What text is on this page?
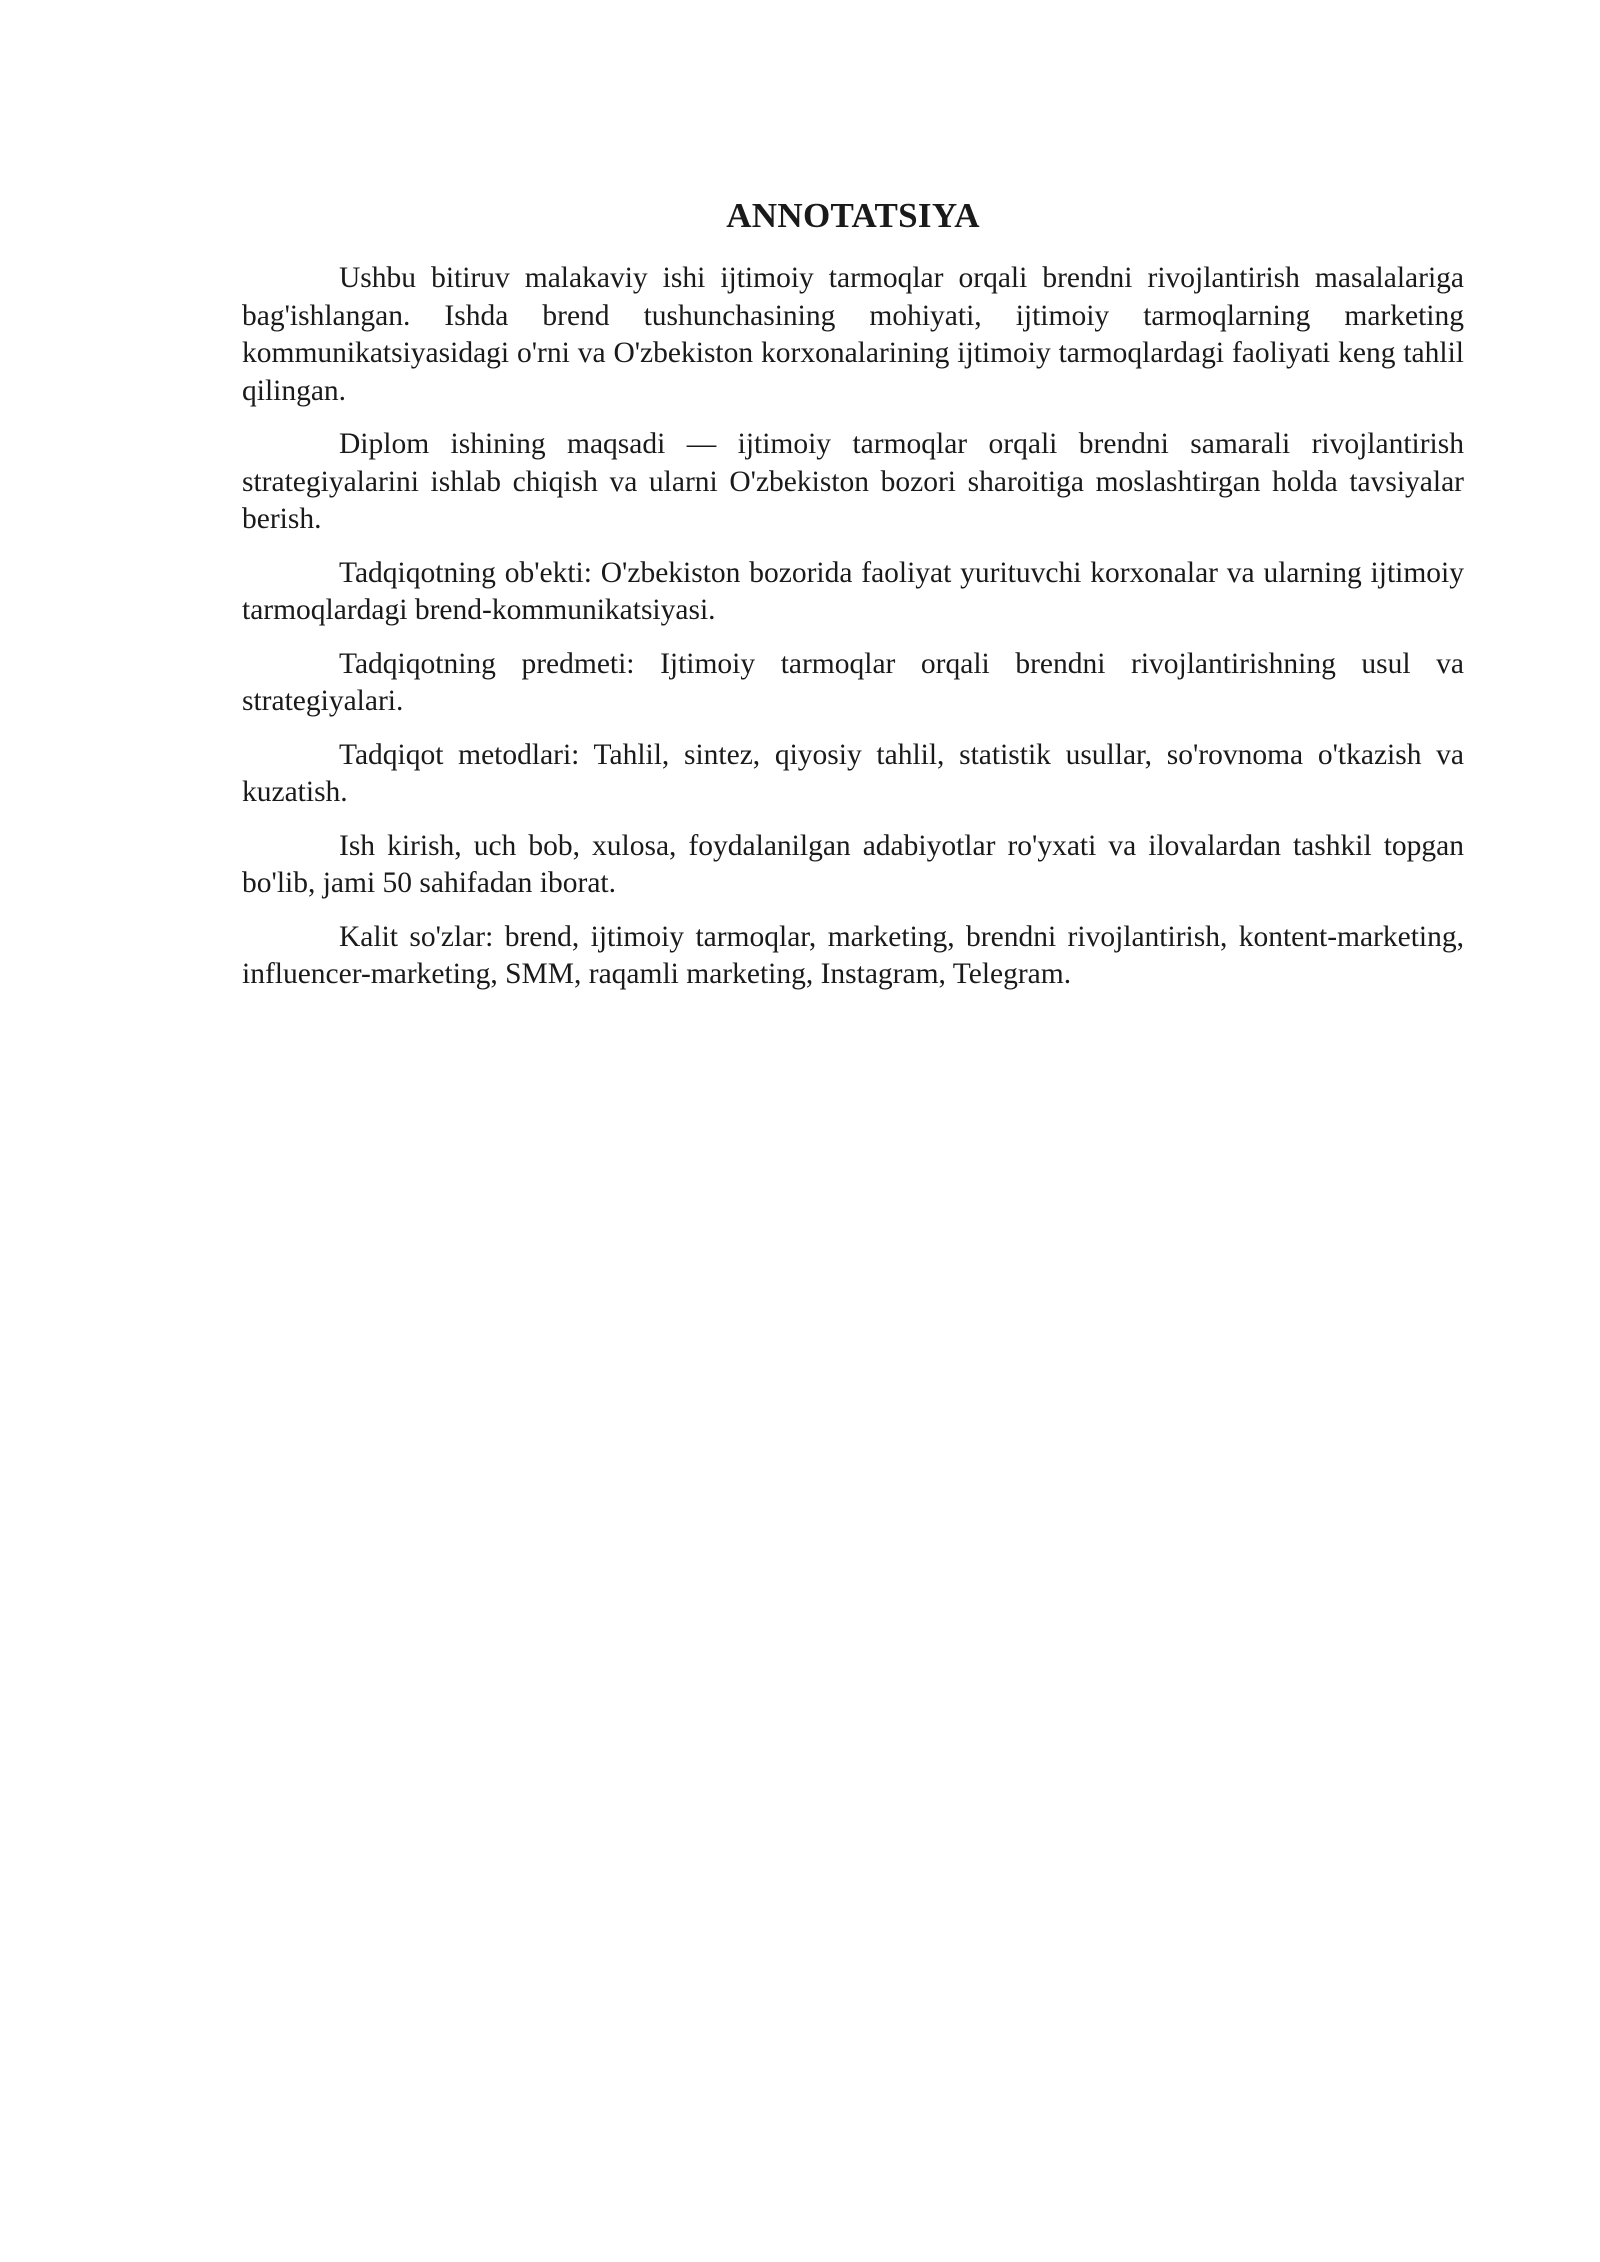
ANNOTATSIYA

Ushbu bitiruv malakaviy ishi ijtimoiy tarmoqlar orqali brendni rivojlantirish masalalariga bag'ishlangan. Ishda brend tushunchasining mohiyati, ijtimoiy tarmoqlarning marketing kommunikatsiyasidagi o'rni va O'zbekiston korxonalarining ijtimoiy tarmoqlardagi faoliyati keng tahlil qilingan.

Diplom ishining maqsadi — ijtimoiy tarmoqlar orqali brendni samarali rivojlantirish strategiyalarini ishlab chiqish va ularni O'zbekiston bozori sharoitiga moslashtirgan holda tavsiyalar berish.

Tadqiqotning ob'ekti: O'zbekiston bozorida faoliyat yurituvchi korxonalar va ularning ijtimoiy tarmoqlardagi brend-kommunikatsiyasi.

Tadqiqotning predmeti: Ijtimoiy tarmoqlar orqali brendni rivojlantirishning usul va strategiyalari.

Tadqiqot metodlari: Tahlil, sintez, qiyosiy tahlil, statistik usullar, so'rovnoma o'tkazish va kuzatish.

Ish kirish, uch bob, xulosa, foydalanilgan adabiyotlar ro'yxati va ilovalardan tashkil topgan bo'lib, jami 50 sahifadan iborat.

Kalit so'zlar: brend, ijtimoiy tarmoqlar, marketing, brendni rivojlantirish, kontent-marketing, influencer-marketing, SMM, raqamli marketing, Instagram, Telegram.
